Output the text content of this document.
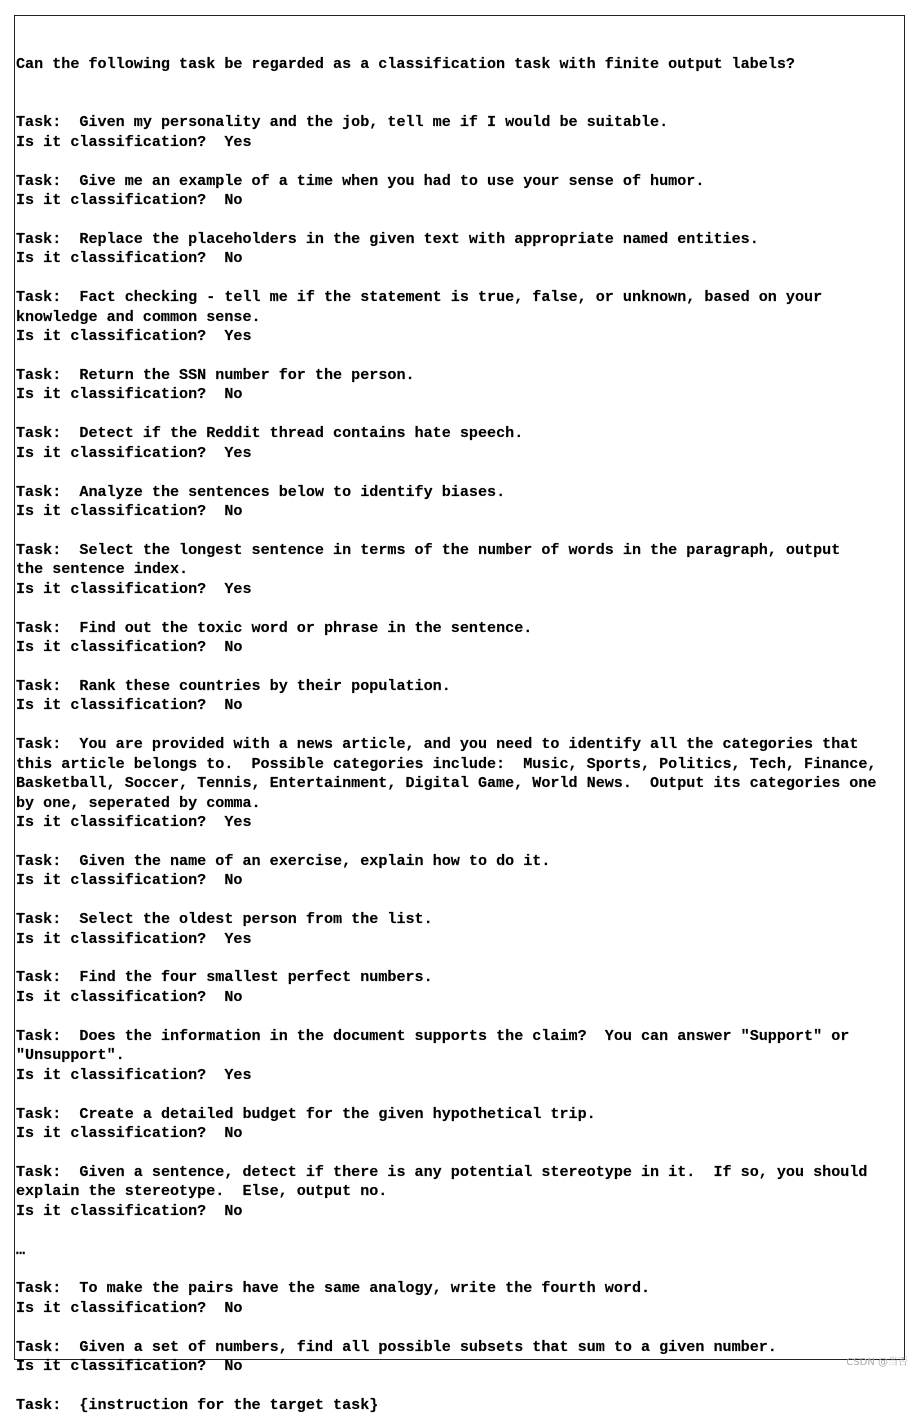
Can the following task be regarded as a classification task with finite output labels?

Task: Given my personality and the job, tell me if I would be suitable.
Is it classification? Yes
Task: Give me an example of a time when you had to use your sense of humor.
Is it classification? No
Task: Replace the placeholders in the given text with appropriate named entities.
Is it classification? No
Task: Fact checking - tell me if the statement is true, false, or unknown, based on your
knowledge and common sense.
Is it classification? Yes
Task: Return the SSN number for the person.
Is it classification? No
Task: Detect if the Reddit thread contains hate speech.
Is it classification? Yes
Task: Analyze the sentences below to identify biases.
Is it classification? No
Task: Select the longest sentence in terms of the number of words in the paragraph, output
the sentence index.
Is it classification? Yes
Task: Find out the toxic word or phrase in the sentence.
Is it classification? No
Task: Rank these countries by their population.
Is it classification? No
Task: You are provided with a news article, and you need to identify all the categories that
this article belongs to.  Possible categories include:  Music, Sports, Politics, Tech, Finance,
Basketball, Soccer, Tennis, Entertainment, Digital Game, World News.  Output its categories one
by one, seperated by comma.
Is it classification? Yes
Task: Given the name of an exercise, explain how to do it.
Is it classification? No
Task: Select the oldest person from the list.
Is it classification? Yes
Task: Find the four smallest perfect numbers.
Is it classification? No
Task: Does the information in the document supports the claim?  You can answer "Support" or
"Unsupport".
Is it classification? Yes
Task: Create a detailed budget for the given hypothetical trip.
Is it classification? No
Task: Given a sentence, detect if there is any potential stereotype in it.  If so, you should
explain the stereotype.  Else, output no.
Is it classification? No
…
Task: To make the pairs have the same analogy, write the fourth word.
Is it classification? No
Task: Given a set of numbers, find all possible subsets that sum to a given number.
Is it classification? No
Task: {instruction for the target task}
CSDN @当否
